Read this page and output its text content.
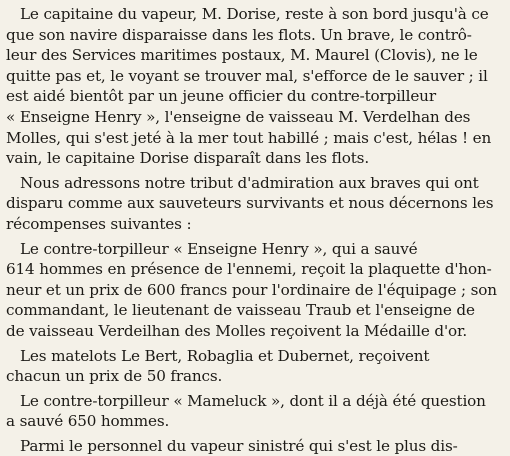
Le capitaine du vapeur, M. Dorise, reste à son bord jusqu'à ce

que son navire disparaisse dans les flots. Un brave, le contrô-

leur des Services maritimes postaux, M. Maurel (Clovis), ne le

quitte pas et, le voyant se trouver mal, s'efforce de le sauver ; il

est aidé bientôt par un jeune officier du contre-torpilleur

« Enseigne Henry », l'enseigne de vaisseau M. Verdelhan des

Molles, qui s'est jeté à la mer tout habillé ; mais c'est, hélas ! en

vain, le capitaine Dorise disparaît dans les flots.

Nous adressons notre tribut d'admiration aux braves qui ont

disparu comme aux sauveteurs survivants et nous décernons les

récompenses suivantes :

Le contre-torpilleur « Enseigne Henry », qui a sauvé

614 hommes en présence de l'ennemi, reçoit la plaquette d'hon-

neur et un prix de 600 francs pour l'ordinaire de l'équipage ; son

commandant, le lieutenant de vaisseau Traub et l'enseigne de

de vaisseau Verdeilhan des Molles reçoivent la Médaille d'or.

Les matelots Le Bert, Robaglia et Dubernet, reçoivent

chacun un prix de 50 francs.

Le contre-torpilleur « Mameluck », dont il a déjà été question

a sauvé 650 hommes.

Parmi le personnel du vapeur sinistré qui s'est le plus dis-
